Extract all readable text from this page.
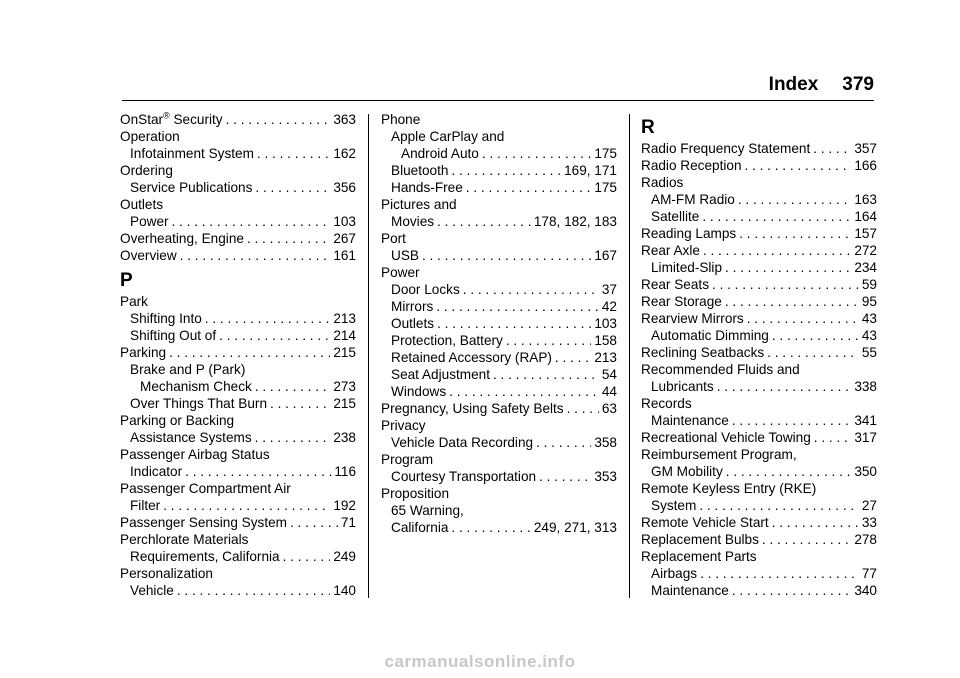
Index 379
OnStar® Security . . .	363
Operation
Infotainment System . . .	162
Ordering
Service Publications . . .	356
Outlets
Power . . .	103
Overheating, Engine . . .	267
Overview . . .	161
P
Park
Shifting Into . . .	213
Shifting Out of . . .	214
Parking . . .	215
Brake and P (Park)
Mechanism Check . . .	273
Over Things That Burn . . .	215
Parking or Backing
Assistance Systems . . .	238
Passenger Airbag Status
Indicator . . .	116
Passenger Compartment Air
Filter . . .	192
Passenger Sensing System . . .	71
Perchlorate Materials
Requirements, California . . .	249
Personalization
Vehicle . . .	140
Phone
Apple CarPlay and
Android Auto . . .	175
Bluetooth . . .	169, 171
Hands-Free . . .	175
Pictures and
Movies . . .	178, 182, 183
Port
USB . . .	167
Power
Door Locks . . .	37
Mirrors . . .	42
Outlets . . .	103
Protection, Battery . . .	158
Retained Accessory (RAP) . . .	213
Seat Adjustment . . .	54
Windows . . .	44
Pregnancy, Using Safety Belts . . .	63
Privacy
Vehicle Data Recording . . .	358
Program
Courtesy Transportation . . .	353
Proposition
65 Warning,
California . . .	249, 271, 313
R
Radio Frequency Statement . . .	357
Radio Reception . . .	166
Radios
AM-FM Radio . . .	163
Satellite . . .	164
Reading Lamps . . .	157
Rear Axle . . .	272
Limited-Slip . . .	234
Rear Seats . . .	59
Rear Storage . . .	95
Rearview Mirrors . . .	43
Automatic Dimming . . .	43
Reclining Seatbacks . . .	55
Recommended Fluids and
Lubricants . . .	338
Records
Maintenance . . .	341
Recreational Vehicle Towing . . .	317
Reimbursement Program,
GM Mobility . . .	350
Remote Keyless Entry (RKE)
System . . .	27
Remote Vehicle Start . . .	33
Replacement Bulbs . . .	278
Replacement Parts
Airbags . . .	77
Maintenance . . .	340
carmanualsonline.info
